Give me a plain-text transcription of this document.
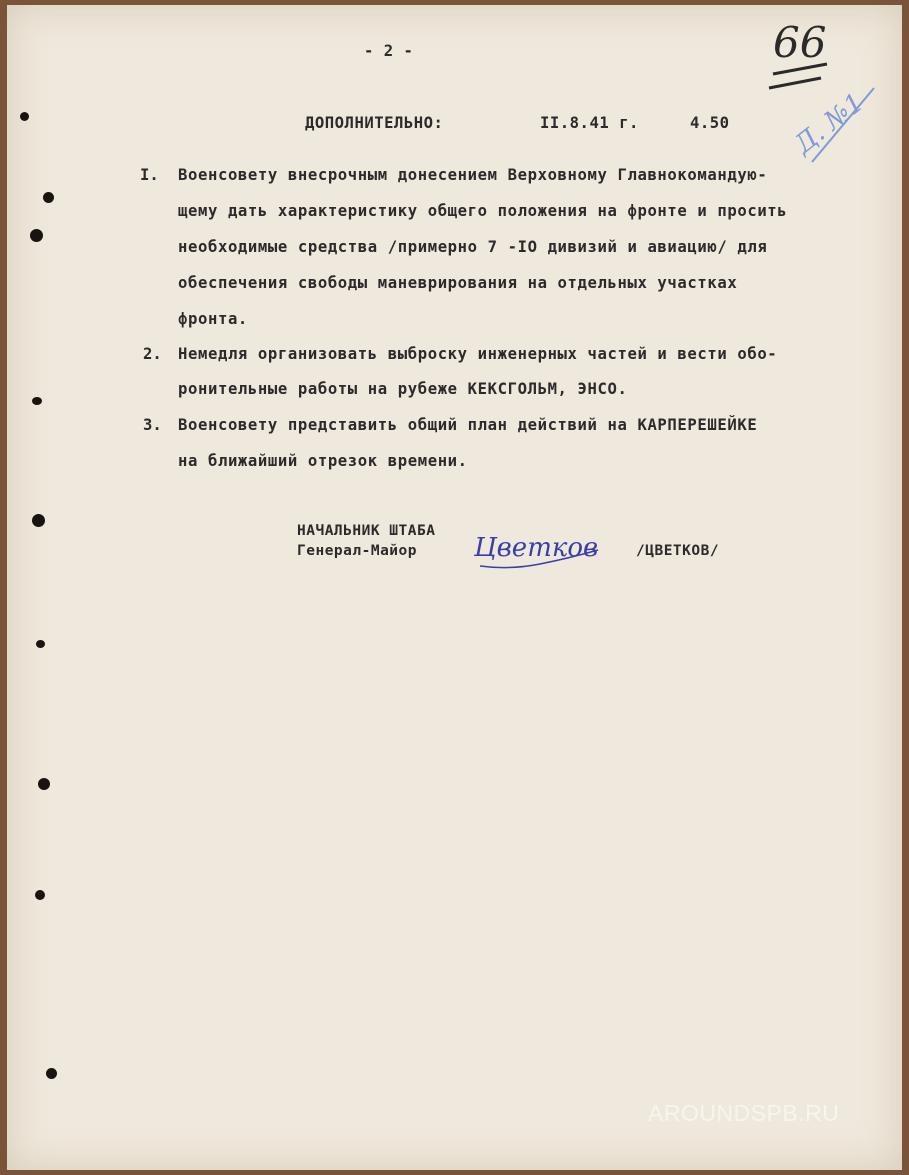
- 2 -	66
Д. №1
ДОПОЛНИТЕЛЬНО:	II.8.41 г.	4.50
I. Военсовету внесрочным донесением Верховному Главнокомандую-
щему дать характеристику общего положения на фронте и просить
необходимые средства /примерно 7 -IO дивизий и авиацию/ для
обеспечения свободы маневрирования на отдельных участках
фронта.
2. Немедля организовать выброску инженерных частей и вести обо-
ронительные работы на рубеже КЕКСГОЛЬМ, ЭНСО.
3. Военсовету представить общий план действий на КАРПЕРЕШЕЙКЕ
на ближайший отрезок времени.
НАЧАЛЬНИК ШТАБА
Генерал-Майор Цветков	/ЦВЕТКОВ/
AROUNDSPB.RU
